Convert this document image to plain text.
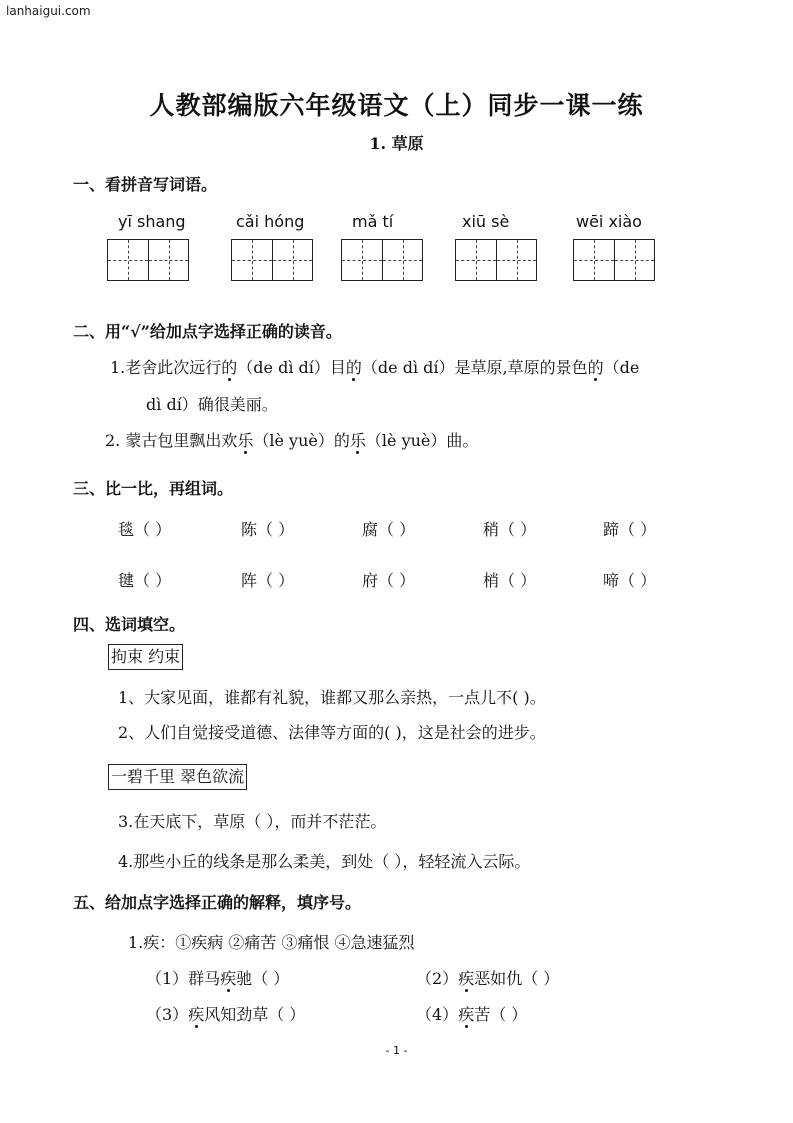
lanhaigui.com
人教部编版六年级语文（上）同步一课一练
1. 草原
一、看拼音写词语。
yī shang	cǎi hóng	mǎ tí	xiū sè	wēi xiào
二、用“√”给加点字选择正确的读音。
1.老舍此次远行的（de dì dí）目的（de dì dí）是草原,草原的景色的（de
dì dí）确很美丽。
2. 蒙古包里飘出欢乐（lè yuè）的乐（lè yuè）曲。
三、比一比，再组词。
毯（ ）	陈（ ）	腐（ ）	稍（ ）	蹄（ ）
毽（ ）	阵（ ）	府（ ）	梢（ ）	啼（ ）
四、选词填空。
拘束 约束
1、大家见面，谁都有礼貌，谁都又那么亲热，一点儿不( )。
2、人们自觉接受道德、法律等方面的( )，这是社会的进步。
一碧千里 翠色欲流
3.在天底下，草原（ ），而并不茫茫。
4.那些小丘的线条是那么柔美，到处（ ），轻轻流入云际。
五、给加点字选择正确的解释，填序号。
1.疾：①疾病 ②痛苦 ③痛恨 ④急速猛烈
（1）群马疾驰（ ）	（2）疾恶如仇（ ）
（3）疾风知劲草（ ）	（4）疾苦（ ）
- 1 -
